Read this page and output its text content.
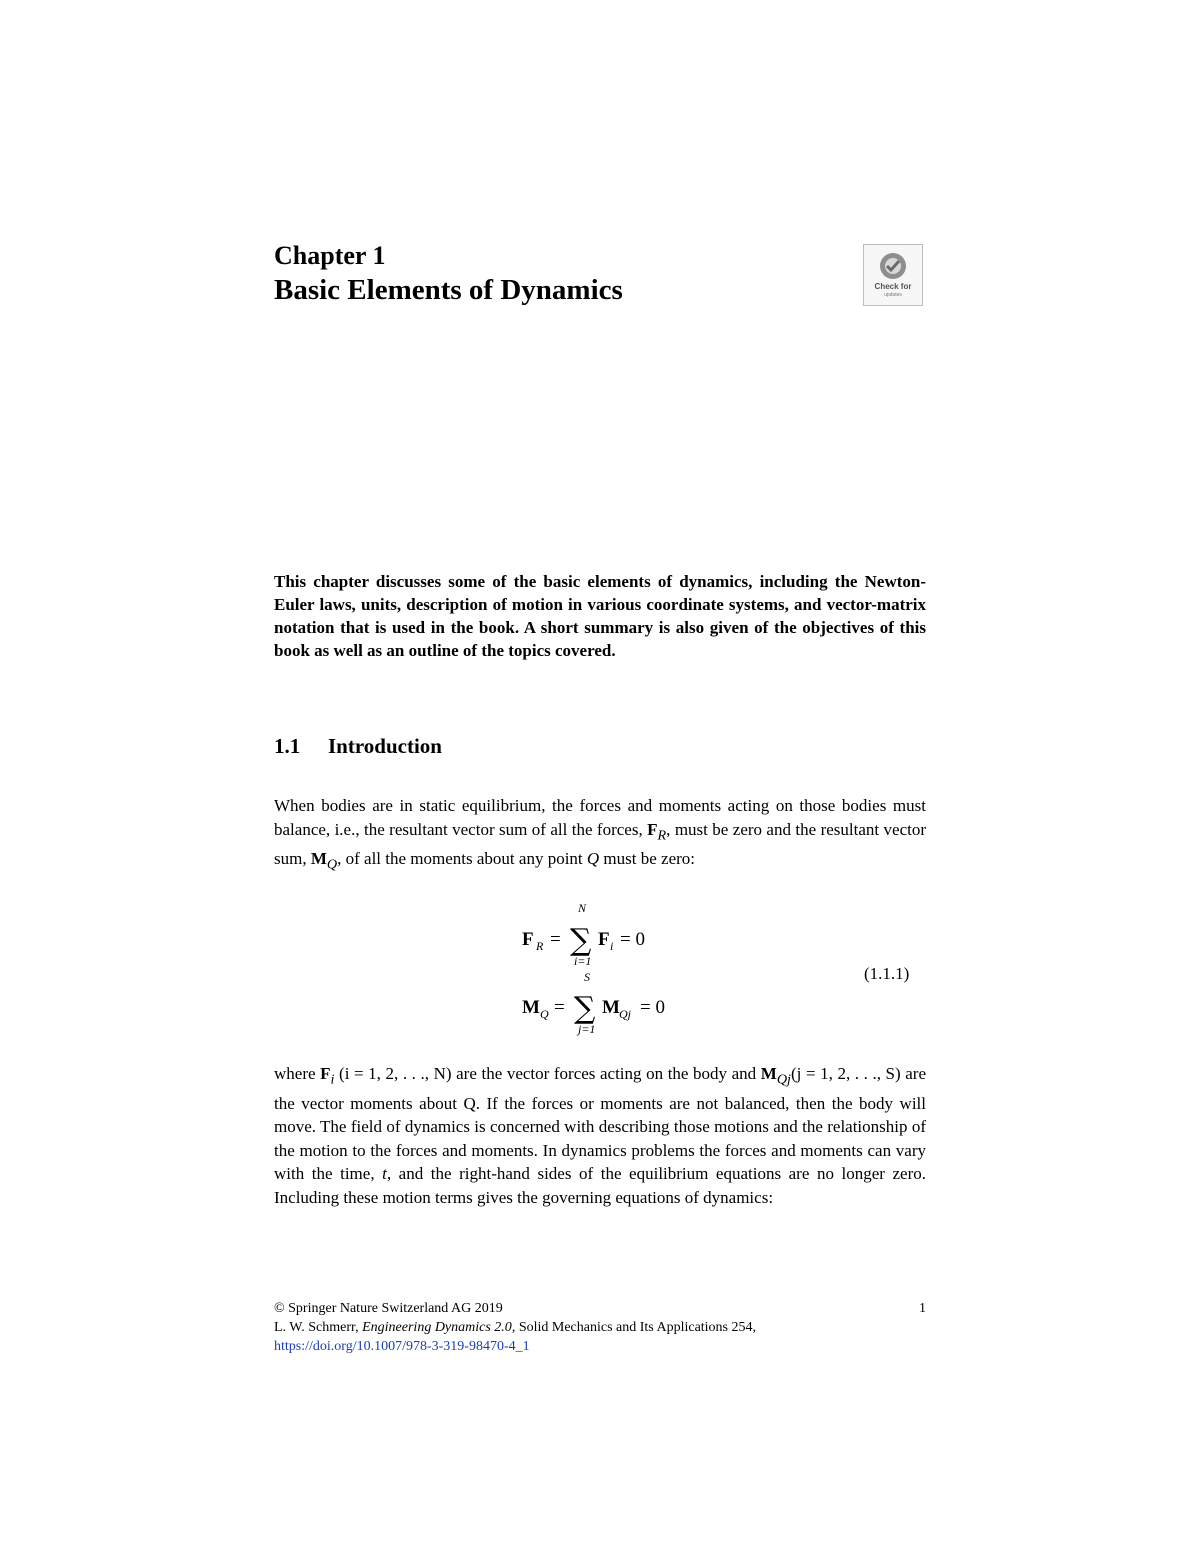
Chapter 1
Basic Elements of Dynamics	Check for
updates
This chapter discusses some of the basic elements of dynamics, including the Newton-Euler laws, units, description of motion in various coordinate systems, and vector-matrix notation that is used in the book. A short summary is also given of the objectives of this book as well as an outline of the topics covered.
1.1 Introduction
When bodies are in static equilibrium, the forces and moments acting on those bodies must balance, i.e., the resultant vector sum of all the forces, $F_R$, must be zero and the resultant vector sum, $M_Q$, of all the moments about any point Q must be zero:
F R = ∑
N
i=1
F i = 0
M Q = ∑
S
j=1
M Qj = 0
(1.1.1)
where $F_i$ (i = 1, 2, . . ., N) are the vector forces acting on the body and $M_{Qj}(j = 1$, 2, . . ., S) are the vector moments about Q. If the forces or moments are not balanced, then the body will move. The field of dynamics is concerned with describing those motions and the relationship of the motion to the forces and moments. In dynamics problems the forces and moments can vary with the time, t, and the right-hand sides of the equilibrium equations are no longer zero. Including these motion terms gives the governing equations of dynamics:
© Springer Nature Switzerland AG 2019	1
L. W. Schmerr, Engineering Dynamics 2.0, Solid Mechanics and Its Applications 254,
https://doi.org/10.1007/978-3-319-98470-4_1
